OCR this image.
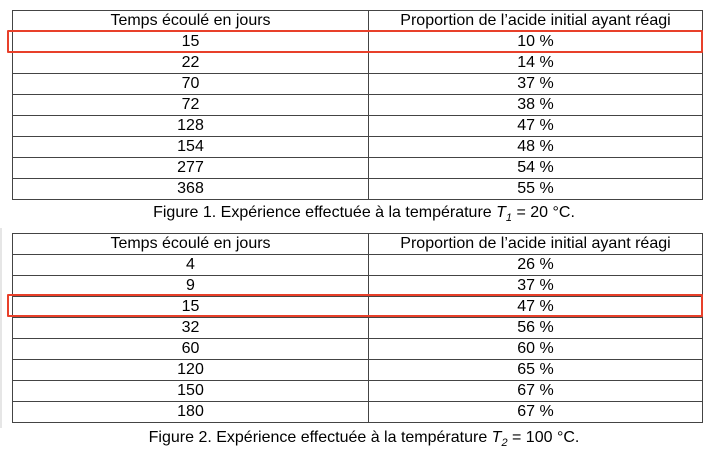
Temps écoulé en jours	Proportion de l’acide initial ayant réagi
15	10 %
22	14 %
70	37 %
72	38 %
128	47 %
154	48 %
277	54 %
368	55 %
Figure 1. Expérience effectuée à la température $T_1 = 20$ °C.
Temps écoulé en jours	Proportion de l’acide initial ayant réagi
4	26 %
9	37 %
15	47 %
32	56 %
60	60 %
120	65 %
150	67 %
180	67 %
Figure 2. Expérience effectuée à la température $T_2 = 100$ °C.
